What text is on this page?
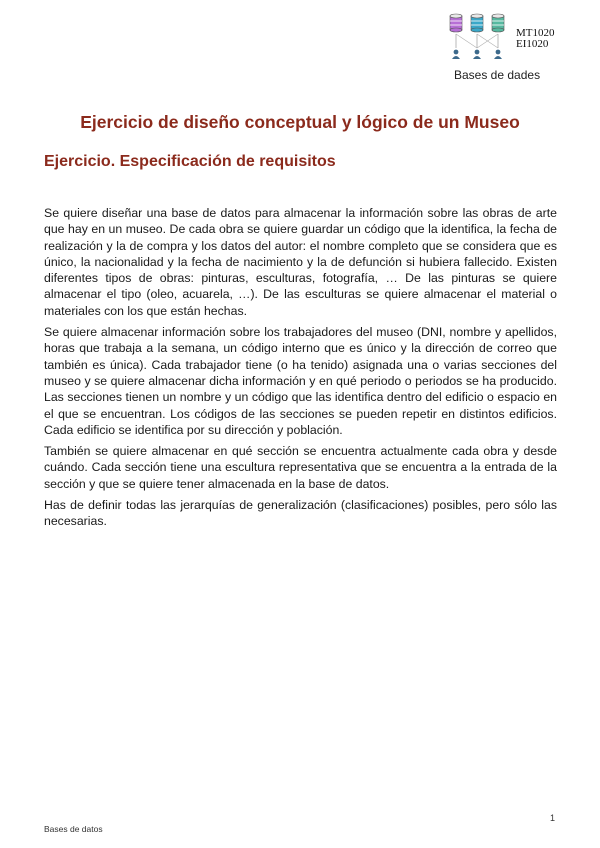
MT1020
EI1020
Bases de dades
Ejercicio de diseño conceptual y lógico de un Museo
Ejercicio. Especificación de requisitos

Se quiere diseñar una base de datos para almacenar la información sobre las obras de arte que hay en un museo. De cada obra se quiere guardar un código que la identifica, la fecha de realización y la de compra y los datos del autor: el nombre completo que se considera que es único, la nacionalidad y la fecha de nacimiento y la de defunción si hubiera fallecido. Existen diferentes tipos de obras: pinturas, esculturas, fotografía, … De las pinturas se quiere almacenar el tipo (oleo, acuarela, …). De las esculturas se quiere almacenar el material o materiales con los que están hechas.

Se quiere almacenar información sobre los trabajadores del museo (DNI, nombre y apellidos, horas que trabaja a la semana, un código interno que es único y la dirección de correo que también es única). Cada trabajador tiene (o ha tenido) asignada una o varias secciones del museo y se quiere almacenar dicha información y en qué periodo o periodos se ha producido. Las secciones tienen un nombre y un código que las identifica dentro del edificio o espacio en el que se encuentran. Los códigos de las secciones se pueden repetir en distintos edificios. Cada edificio se identifica por su dirección y población.

También se quiere almacenar en qué sección se encuentra actualmente cada obra y desde cuándo. Cada sección tiene una escultura representativa que se encuentra a la entrada de la sección y que se quiere tener almacenada en la base de datos.

Has de definir todas las jerarquías de generalización (clasificaciones) posibles, pero sólo las necesarias.

1
Bases de datos
